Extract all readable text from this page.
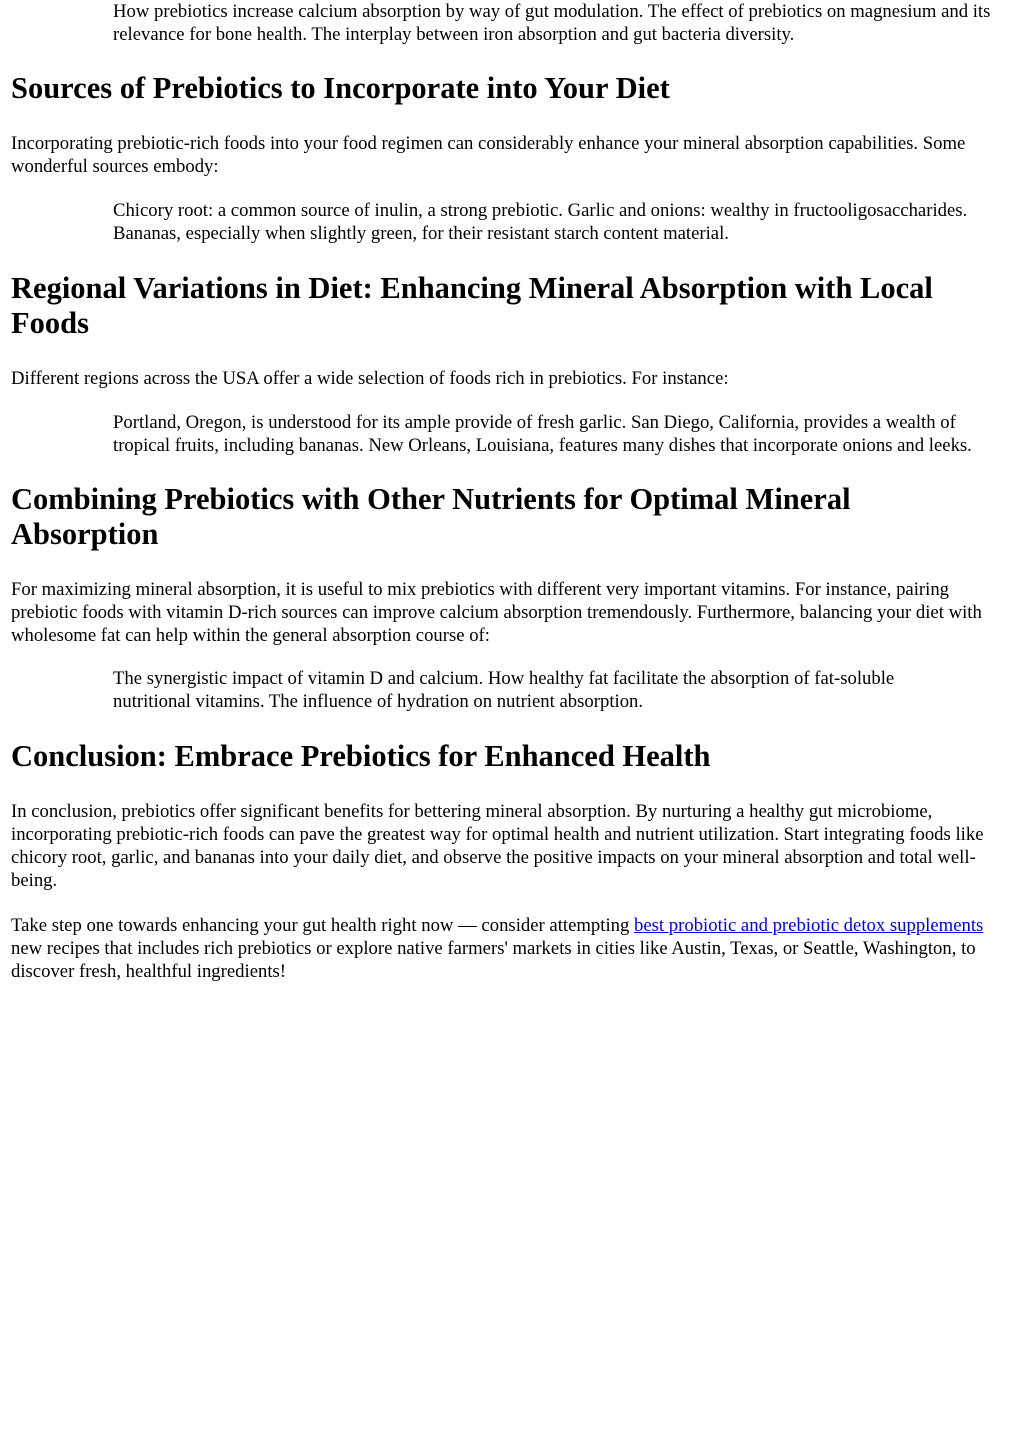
How prebiotics increase calcium absorption by way of gut modulation. The effect of prebiotics on magnesium and its relevance for bone health. The interplay between iron absorption and gut bacteria diversity.

Sources of Prebiotics to Incorporate into Your Diet

Incorporating prebiotic-rich foods into your food regimen can considerably enhance your mineral absorption capabilities. Some wonderful sources embody:

Chicory root: a common source of inulin, a strong prebiotic. Garlic and onions: wealthy in fructooligosaccharides. Bananas, especially when slightly green, for their resistant starch content material.

Regional Variations in Diet: Enhancing Mineral Absorption with Local Foods

Different regions across the USA offer a wide selection of foods rich in prebiotics. For instance:

Portland, Oregon, is understood for its ample provide of fresh garlic. San Diego, California, provides a wealth of tropical fruits, including bananas. New Orleans, Louisiana, features many dishes that incorporate onions and leeks.

Combining Prebiotics with Other Nutrients for Optimal Mineral Absorption

For maximizing mineral absorption, it is useful to mix prebiotics with different very important vitamins. For instance, pairing prebiotic foods with vitamin D-rich sources can improve calcium absorption tremendously. Furthermore, balancing your diet with wholesome fat can help within the general absorption course of:

The synergistic impact of vitamin D and calcium. How healthy fat facilitate the absorption of fat-soluble nutritional vitamins. The influence of hydration on nutrient absorption.

Conclusion: Embrace Prebiotics for Enhanced Health

In conclusion, prebiotics offer significant benefits for bettering mineral absorption. By nurturing a healthy gut microbiome, incorporating prebiotic-rich foods can pave the greatest way for optimal health and nutrient utilization. Start integrating foods like chicory root, garlic, and bananas into your daily diet, and observe the positive impacts on your mineral absorption and total well-being.

Take step one towards enhancing your gut health right now — consider attempting best probiotic and prebiotic detox supplements new recipes that includes rich prebiotics or explore native farmers' markets in cities like Austin, Texas, or Seattle, Washington, to discover fresh, healthful ingredients!
